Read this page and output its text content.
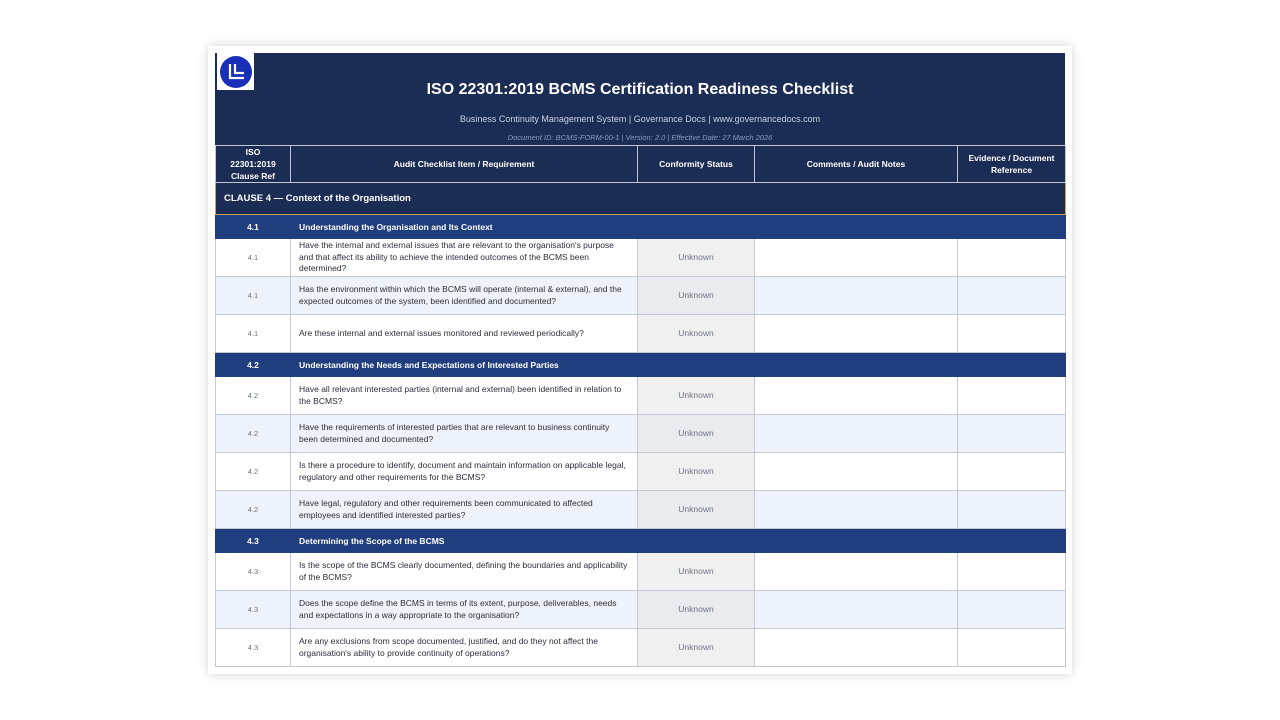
ISO 22301:2019 BCMS Certification Readiness Checklist
Business Continuity Management System | Governance Docs | www.governancedocs.com
Document ID: BCMS-FORM-00-1 | Version: 2.0 | Effective Date: 27 March 2026
ISO 22301:2019 Clause Ref	Audit Checklist Item / Requirement	Conformity Status	Comments / Audit Notes	Evidence / Document Reference
CLAUSE 4 — Context of the Organisation				
4.1	Understanding the Organisation and Its Context			
4.1	Have the internal and external issues that are relevant to the organisation's purpose and that affect its ability to achieve the intended outcomes of the BCMS been determined?	Unknown		
4.1	Has the environment within which the BCMS will operate (internal & external), and the expected outcomes of the system, been identified and documented?	Unknown		
4.1	Are these internal and external issues monitored and reviewed periodically?	Unknown		
4.2	Understanding the Needs and Expectations of Interested Parties			
4.2	Have all relevant interested parties (internal and external) been identified in relation to the BCMS?	Unknown		
4.2	Have the requirements of interested parties that are relevant to business continuity been determined and documented?	Unknown		
4.2	Is there a procedure to identify, document and maintain information on applicable legal, regulatory and other requirements for the BCMS?	Unknown		
4.2	Have legal, regulatory and other requirements been communicated to affected employees and identified interested parties?	Unknown		
4.3	Determining the Scope of the BCMS			
4.3	Is the scope of the BCMS clearly documented, defining the boundaries and applicability of the BCMS?	Unknown		
4.3	Does the scope define the BCMS in terms of its extent, purpose, deliverables, needs and expectations in a way appropriate to the organisation?	Unknown		
4.3	Are any exclusions from scope documented, justified, and do they not affect the organisation's ability to provide continuity of operations?	Unknown		
